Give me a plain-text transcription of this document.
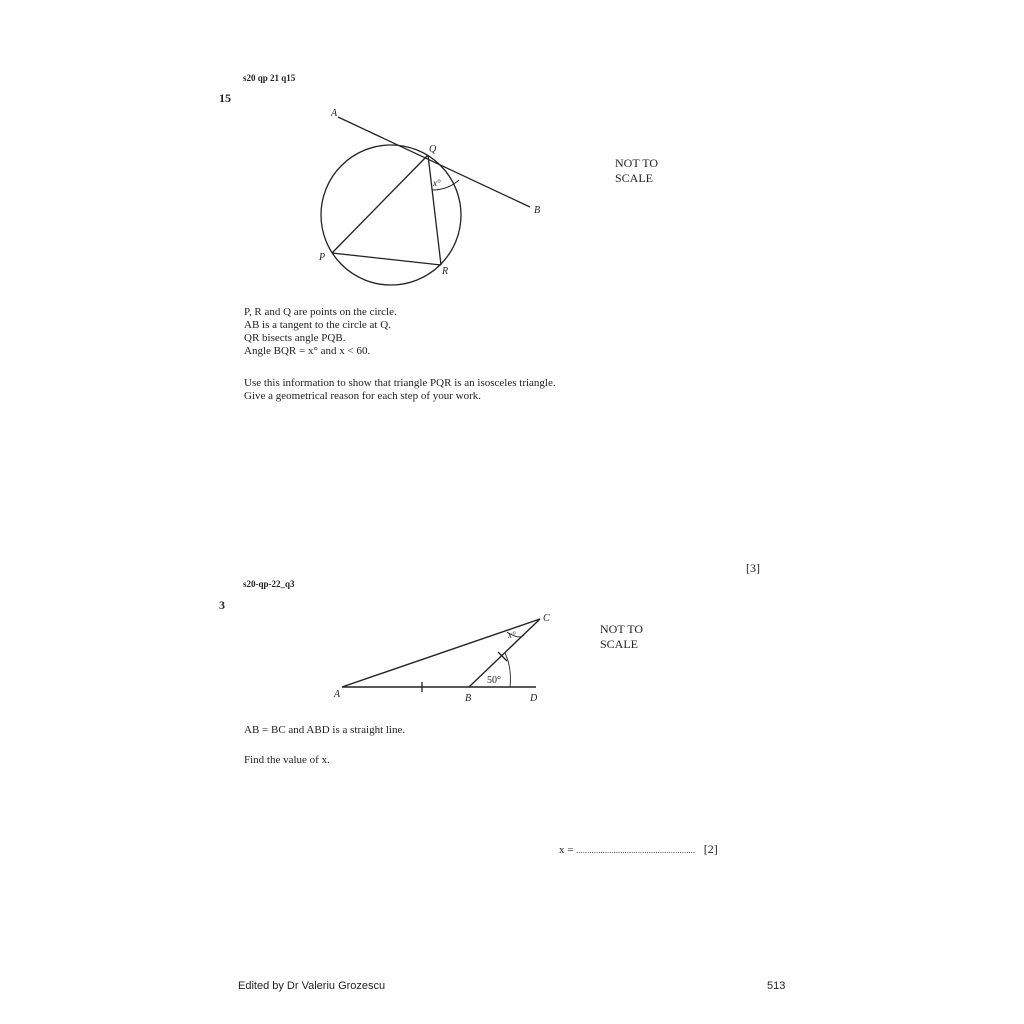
s20 qp 21 q15
15
A
Q
B
P
R
x°
NOT TO
SCALE
P, R and Q are points on the circle.
AB is a tangent to the circle at Q.
QR bisects angle PQB.
Angle BQR = x° and x < 60.
Use this information to show that triangle PQR is an isosceles triangle.
Give a geometrical reason for each step of your work.
[3]
s20-qp-22_q3
3
A	B
C
D
x°
50°
NOT TO
SCALE
AB = BC and ABD is a straight line.
Find the value of x.
x = ...................................................... [2]
Edited by Dr Valeriu Grozescu	513
